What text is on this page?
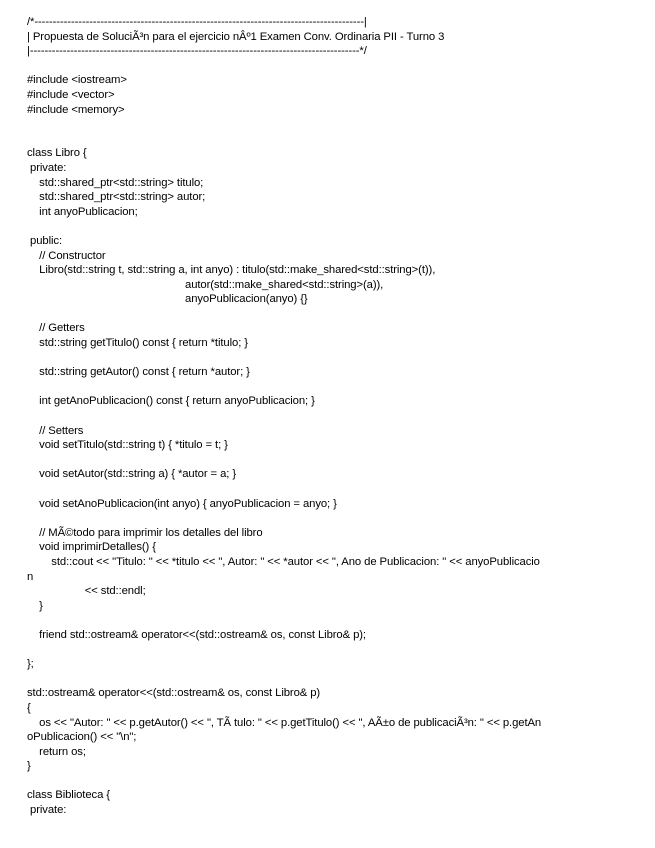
/*------------------------------------------------------------------------------------------|
| Propuesta de SoluciÃ³n para el ejercicio nÂº1 Examen Conv. Ordinaria PII - Turno 3
|------------------------------------------------------------------------------------------*/

#include <iostream>
#include <vector>
#include <memory>

class Libro {
private:
std::shared_ptr<std::string> titulo;
std::shared_ptr<std::string> autor;
int anyoPublicacion;

public:
// Constructor
Libro(std::string t, std::string a, int anyo) : titulo(std::make_shared<std::string>(t)),
autor(std::make_shared<std::string>(a)),
anyoPublicacion(anyo) {}

// Getters
std::string getTitulo() const { return *titulo; }

std::string getAutor() const { return *autor; }

int getAnoPublicacion() const { return anyoPublicacion; }

// Setters
void setTitulo(std::string t) { *titulo = t; }

void setAutor(std::string a) { *autor = a; }

void setAnoPublicacion(int anyo) { anyoPublicacion = anyo; }

// MÃ©todo para imprimir los detalles del libro
void imprimirDetalles() {
std::cout << "Titulo: " << *titulo << ", Autor: " << *autor << ", Ano de Publicacion: " << anyoPublicacio
n
<< std::endl;
}

friend std::ostream& operator<<(std::ostream& os, const Libro& p);

};

std::ostream& operator<<(std::ostream& os, const Libro& p)
{
os << "Autor: " << p.getAutor() << ", TÃ tulo: " << p.getTitulo() << ", AÃ±o de publicaciÃ³n: " << p.getAn
oPublicacion() << "\n";
return os;
}

class Biblioteca {
private:
